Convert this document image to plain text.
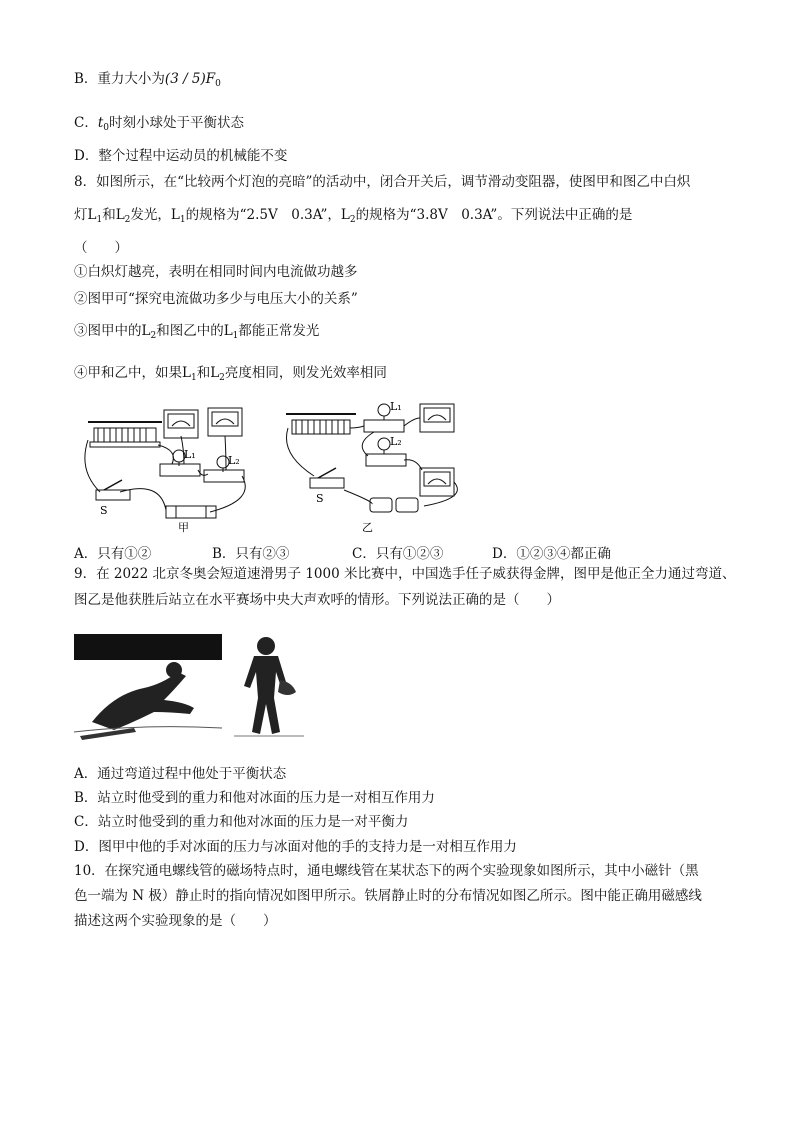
B．重力大小为$(3 / 5)F_0$
C．$t_0$时刻小球处于平衡状态
D．整个过程中运动员的机械能不变
8．如图所示，在“比较两个灯泡的亮暗”的活动中，闭合开关后，调节滑动变阻器，使图甲和图乙中白炽
灯$L_1$和$L_2$发光，$L_1$的规格为“2.5V　0.3A”，$L_2$的规格为“3.8V　0.3A”。下列说法中正确的是
（　　）
①白炽灯越亮，表明在相同时间内电流做功越多
②图甲可“探究电流做功多少与电压大小的关系”
③图甲中的$L_2$和图乙中的$L_1$都能正常发光
④甲和乙中，如果$L_1$和$L_2$亮度相同，则发光效率相同
S
L₁	L₂
甲
S
L₁
L₂
乙
A．只有①②	B．只有②③	C．只有①②③	D．①②③④都正确
9．在 2022 北京冬奥会短道速滑男子 1000 米比赛中，中国选手任子威获得金牌，图甲是他正全力通过弯道、
图乙是他获胜后站立在水平赛场中央大声欢呼的情形。下列说法正确的是（　　）
A．通过弯道过程中他处于平衡状态
B．站立时他受到的重力和他对冰面的压力是一对相互作用力
C．站立时他受到的重力和他对冰面的压力是一对平衡力
D．图甲中他的手对冰面的压力与冰面对他的手的支持力是一对相互作用力
10．在探究通电螺线管的磁场特点时，通电螺线管在某状态下的两个实验现象如图所示，其中小磁针（黑
色一端为 N 极）静止时的指向情况如图甲所示。铁屑静止时的分布情况如图乙所示。图中能正确用磁感线
描述这两个实验现象的是（　　）
